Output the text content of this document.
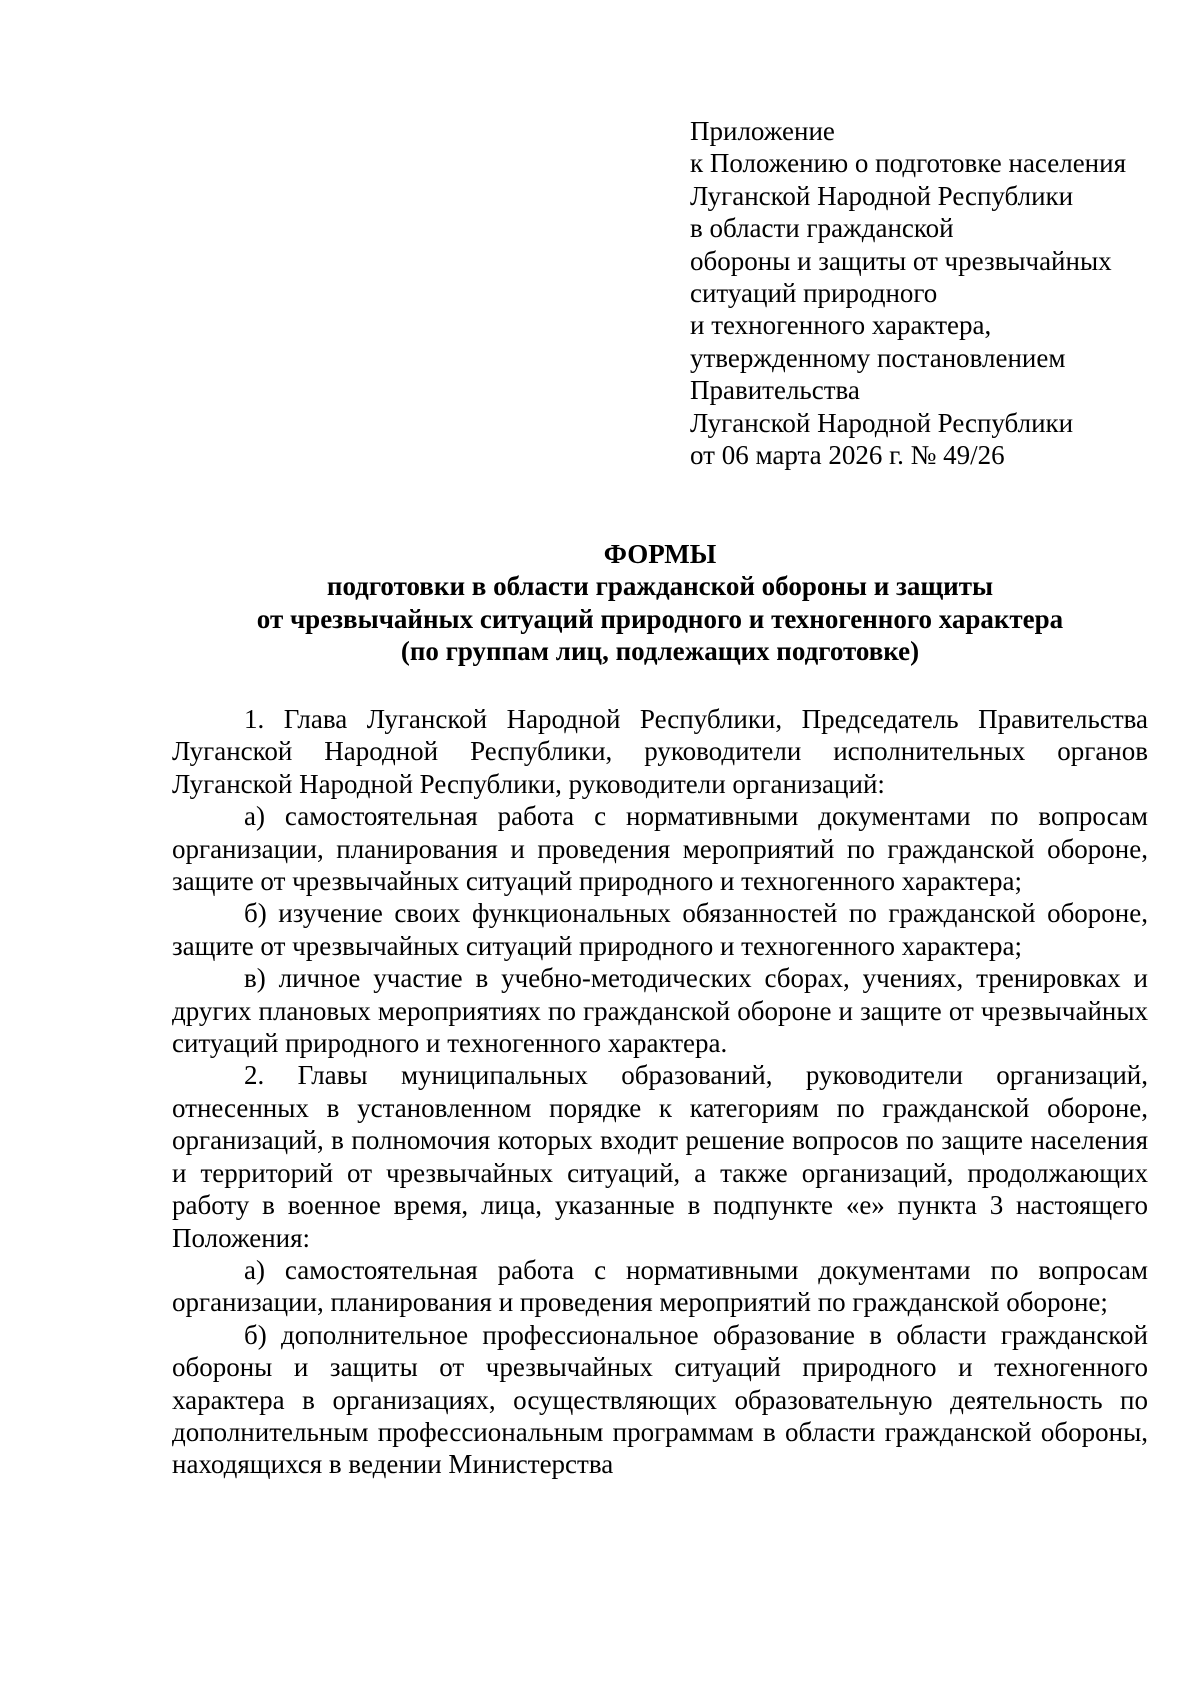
Приложение
к Положению о подготовке населения
Луганской Народной Республики
в области гражданской
обороны и защиты от чрезвычайных
ситуаций природного
и техногенного характера,
утвержденному постановлением
Правительства
Луганской Народной Республики
от 06 марта 2026 г. № 49/26
ФОРМЫ
подготовки в области гражданской обороны и защиты
от чрезвычайных ситуаций природного и техногенного характера
(по группам лиц, подлежащих подготовке)

1. Глава Луганской Народной Республики, Председатель Правительства Луганской Народной Республики, руководители исполнительных органов Луганской Народной Республики, руководители организаций:

а) самостоятельная работа с нормативными документами по вопросам организации, планирования и проведения мероприятий по гражданской обороне, защите от чрезвычайных ситуаций природного и техногенного характера;

б) изучение своих функциональных обязанностей по гражданской обороне, защите от чрезвычайных ситуаций природного и техногенного характера;

в) личное участие в учебно-методических сборах, учениях, тренировках и других плановых мероприятиях по гражданской обороне и защите от чрезвычайных ситуаций природного и техногенного характера.

2. Главы муниципальных образований, руководители организаций, отнесенных в установленном порядке к категориям по гражданской обороне, организаций, в полномочия которых входит решение вопросов по защите населения и территорий от чрезвычайных ситуаций, а также организаций, продолжающих работу в военное время, лица, указанные в подпункте «е» пункта 3 настоящего Положения:

а) самостоятельная работа с нормативными документами по вопросам организации, планирования и проведения мероприятий по гражданской обороне;

б) дополнительное профессиональное образование в области гражданской обороны и защиты от чрезвычайных ситуаций природного и техногенного характера в организациях, осуществляющих образовательную деятельность по дополнительным профессиональным программам в области гражданской обороны, находящихся в ведении Министерства
